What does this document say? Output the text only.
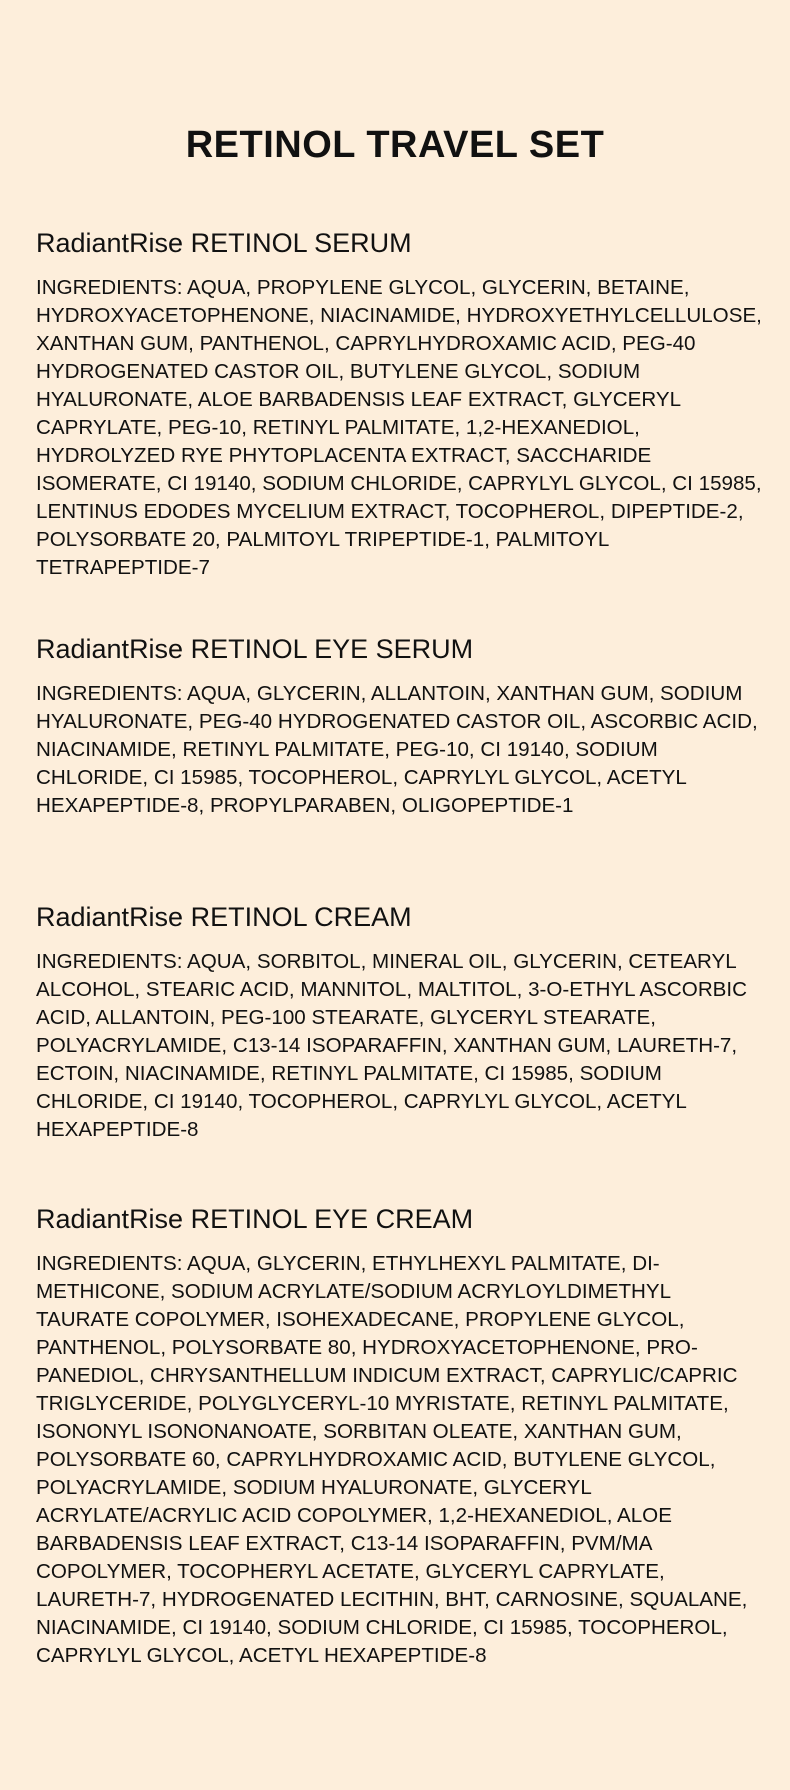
RETINOL TRAVEL SET
RadiantRise RETINOL SERUM

INGREDIENTS: AQUA, PROPYLENE GLYCOL, GLYCERIN, BETAINE, HYDROXYACETOPHENONE, NIACINAMIDE, HYDROXYETHYLCELLULOSE, XANTHAN GUM, PANTHENOL, CAPRYLHYDROXAMIC ACID, PEG-40 HYDROGENATED CASTOR OIL, BUTYLENE GLYCOL, SODIUM HYALURONATE, ALOE BARBADENSIS LEAF EXTRACT, GLYCERYL CAPRYLATE, PEG-10, RETINYL PALMITATE, 1,2-HEXANEDIOL, HYDROLYZED RYE PHYTOPLACENTA EXTRACT, SACCHARIDE ISOMERATE, CI 19140, SODIUM CHLORIDE, CAPRYLYL GLYCOL, CI 15985, LENTINUS EDODES MYCELIUM EXTRACT, TOCOPHEROL, DIPEPTIDE-2, POLYSORBATE 20, PALMITOYL TRIPEPTIDE-1, PALMITOYL TETRAPEPTIDE-7

RadiantRise RETINOL EYE SERUM

INGREDIENTS: AQUA, GLYCERIN, ALLANTOIN, XANTHAN GUM, SODIUM HYALURONATE, PEG-40 HYDROGENATED CASTOR OIL, ASCORBIC ACID, NIACINAMIDE, RETINYL PALMITATE, PEG-10, CI 19140, SODIUM CHLORIDE, CI 15985, TOCOPHEROL, CAPRYLYL GLYCOL, ACETYL HEXAPEPTIDE-8, PROPYLPARABEN, OLIGOPEPTIDE-1

RadiantRise RETINOL CREAM

INGREDIENTS: AQUA, SORBITOL, MINERAL OIL, GLYCERIN, CETEARYL ALCOHOL, STEARIC ACID, MANNITOL, MALTITOL, 3-O-ETHYL ASCORBIC ACID, ALLANTOIN, PEG-100 STEARATE, GLYCERYL STEARATE, POLYACRYLAMIDE, C13-14 ISOPARAFFIN, XANTHAN GUM, LAURETH-7, ECTOIN, NIACINAMIDE, RETINYL PALMITATE, CI 15985, SODIUM CHLORIDE, CI 19140, TOCOPHEROL, CAPRYLYL GLYCOL, ACETYL HEXAPEPTIDE-8

RadiantRise RETINOL EYE CREAM

INGREDIENTS: AQUA, GLYCERIN, ETHYLHEXYL PALMITATE, DIMETHICONE, SODIUM ACRYLATE/SODIUM ACRYLOYLDIMETHYL TAURATE COPOLYMER, ISOHEXADECANE, PROPYLENE GLYCOL, PANTHENOL, POLYSORBATE 80, HYDROXYACETOPHENONE, PROPANEDIOL, CHRYSANTHELLUM INDICUM EXTRACT, CAPRYLIC/CAPRIC TRIGLYCERIDE, POLYGLYCERYL-10 MYRISTATE, RETINYL PALMITATE, ISONONYL ISONONANOATE, SORBITAN OLEATE, XANTHAN GUM, POLYSORBATE 60, CAPRYLHYDROXAMIC ACID, BUTYLENE GLYCOL, POLYACRYLAMIDE, SODIUM HYALURONATE, GLYCERYL ACRYLATE/ACRYLIC ACID COPOLYMER, 1,2-HEXANEDIOL, ALOE BARBADENSIS LEAF EXTRACT, C13-14 ISOPARAFFIN, PVM/MA COPOLYMER, TOCOPHERYL ACETATE, GLYCERYL CAPRYLATE, LAURETH-7, HYDROGENATED LECITHIN, BHT, CARNOSINE, SQUALANE, NIACINAMIDE, CI 19140, SODIUM CHLORIDE, CI 15985, TOCOPHEROL, CAPRYLYL GLYCOL, ACETYL HEXAPEPTIDE-8
